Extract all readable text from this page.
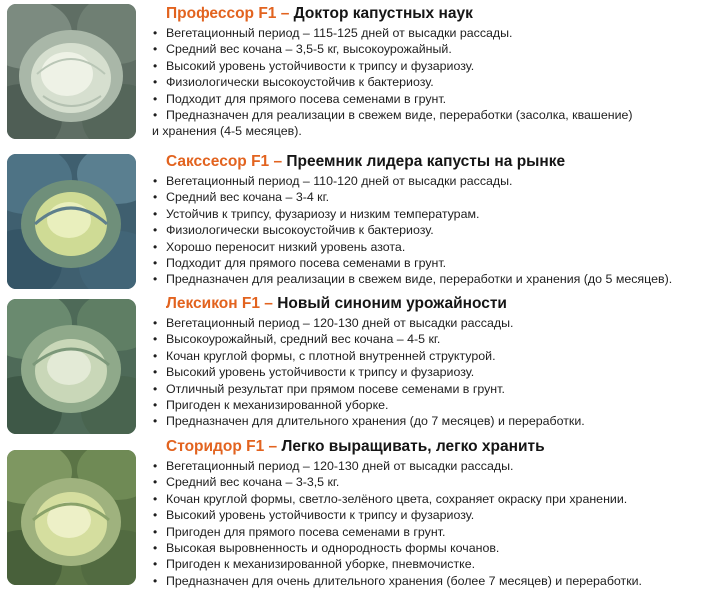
Профессор F1 – Доктор капустных наук
• Вегетационный период – 115-125 дней от высадки рассады.
• Средний вес кочана – 3,5-5 кг, высокоурожайный.
• Высокий уровень устойчивости к трипсу и фузариозу.
• Физиологически высокоустойчив к бактериозу.
• Подходит для прямого посева семенами в грунт.
• Предназначен для реализации в свежем виде, переработки (засолка, квашение)
и хранения (4-5 месяцев).
Сакссесор F1 – Преемник лидера капусты на рынке
• Вегетационный период – 110-120 дней от высадки рассады.
• Средний вес кочана – 3-4 кг.
• Устойчив к трипсу, фузариозу и низким температурам.
• Физиологически высокоустойчив к бактериозу.
• Хорошо переносит низкий уровень азота.
• Подходит для прямого посева семенами в грунт.
• Предназначен для реализации в свежем виде, переработки и хранения (до 5 месяцев).
Лексикон F1 – Новый синоним урожайности
• Вегетационный период – 120-130 дней от высадки рассады.
• Высокоурожайный, средний вес кочана – 4-5 кг.
• Кочан круглой формы, с плотной внутренней структурой.
• Высокий уровень устойчивости к трипсу и фузариозу.
• Отличный результат при прямом посеве семенами в грунт.
• Пригоден к механизированной уборке.
• Предназначен для длительного хранения (до 7 месяцев) и переработки.
Сторидор F1 – Легко выращивать, легко хранить
• Вегетационный период – 120-130 дней от высадки рассады.
• Средний вес кочана – 3-3,5 кг.
• Кочан круглой формы, светло-зелёного цвета, сохраняет окраску при хранении.
• Высокий уровень устойчивости к трипсу и фузариозу.
• Пригоден для прямого посева семенами в грунт.
• Высокая выровненность и однородность формы кочанов.
• Пригоден к механизированной уборке, пневмочистке.
• Предназначен для очень длительного хранения (более 7 месяцев) и переработки.
